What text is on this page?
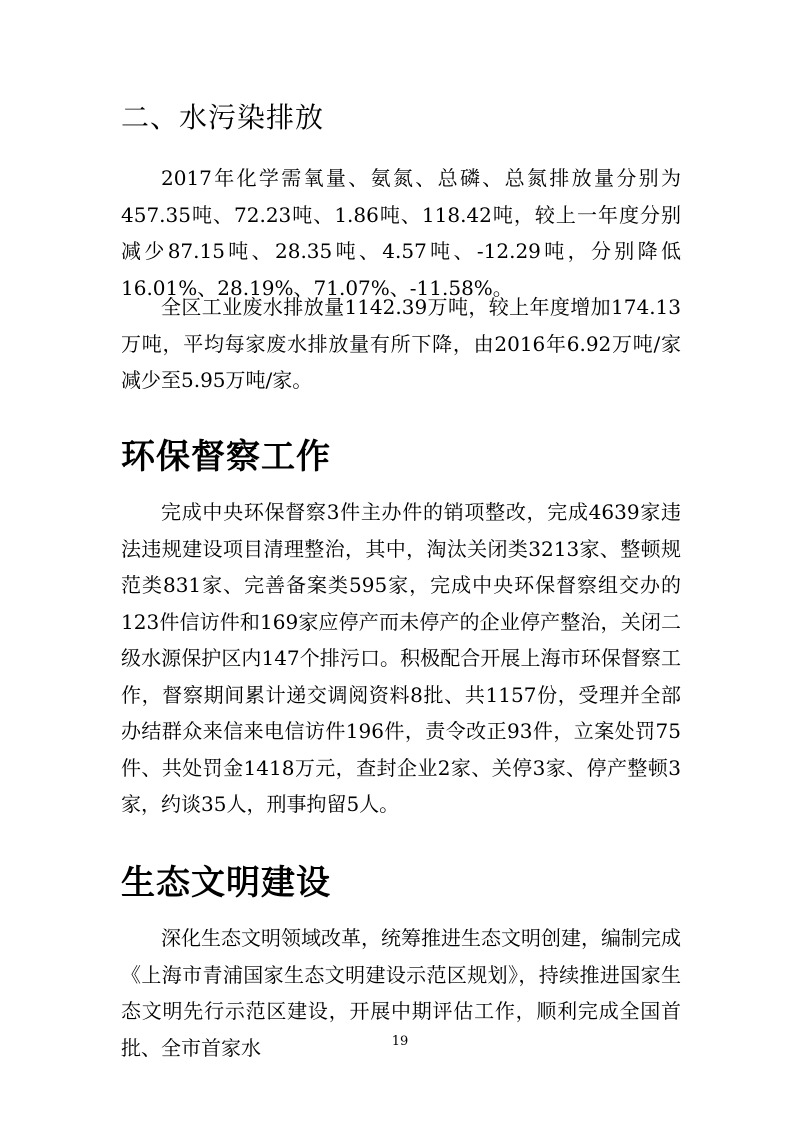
二、水污染排放

2017年化学需氧量、氨氮、总磷、总氮排放量分别为457.35吨、72.23吨、1.86吨、118.42吨，较上一年度分别减少87.15吨、28.35吨、4.57吨、-12.29吨，分别降低16.01%、28.19%、71.07%、-11.58%。

全区工业废水排放量1142.39万吨，较上年度增加174.13万吨，平均每家废水排放量有所下降，由2016年6.92万吨/家减少至5.95万吨/家。

环保督察工作

完成中央环保督察3件主办件的销项整改，完成4639家违法违规建设项目清理整治，其中，淘汰关闭类3213家、整顿规范类831家、完善备案类595家，完成中央环保督察组交办的123件信访件和169家应停产而未停产的企业停产整治，关闭二级水源保护区内147个排污口。积极配合开展上海市环保督察工作，督察期间累计递交调阅资料8批、共1157份，受理并全部办结群众来信来电信访件196件，责令改正93件，立案处罚75件、共处罚金1418万元，查封企业2家、关停3家、停产整顿3家，约谈35人，刑事拘留5人。

生态文明建设

深化生态文明领域改革，统筹推进生态文明创建，编制完成《上海市青浦国家生态文明建设示范区规划》，持续推进国家生态文明先行示范区建设，开展中期评估工作，顺利完成全国首批、全市首家水	19
